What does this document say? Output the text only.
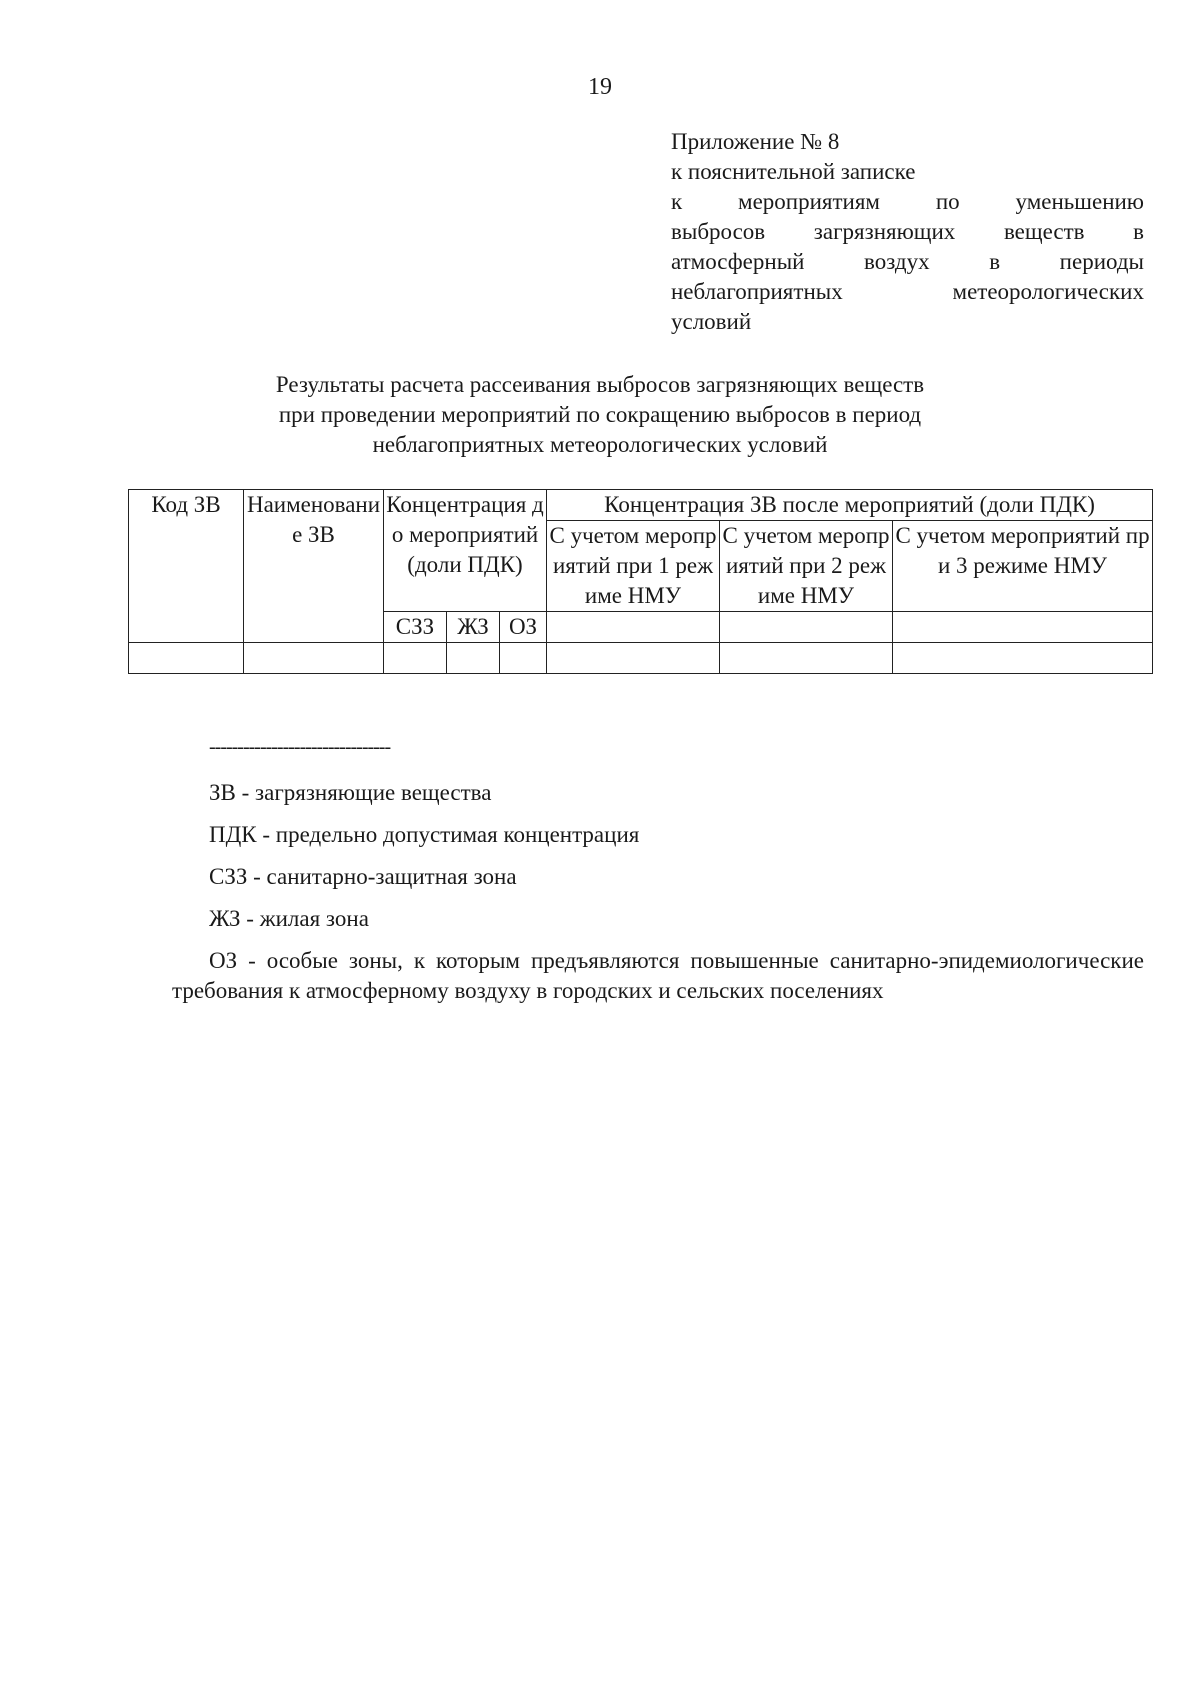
19
Приложение № 8
к пояснительной записке
к мероприятиям по уменьшению
выбросов загрязняющих веществ в
атмосферный воздух в периоды
неблагоприятных метеорологических
условий
Результаты расчета рассеивания выбросов загрязняющих веществ
при проведении мероприятий по сокращению выбросов в период
неблагоприятных метеорологических условий
Код ЗВ	Наименование ЗВ	Концентрация до мероприятий (доли ПДК)			Концентрация ЗВ после мероприятий (доли ПДК)		
					С учетом мероприятий при 1 режиме НМУ	С учетом мероприятий при 2 режиме НМУ	С учетом мероприятий при 3 режиме НМУ
		СЗЗ	ЖЗ	ОЗ			

--------------------------------
ЗВ - загрязняющие вещества
ПДК - предельно допустимая концентрация
СЗЗ - санитарно-защитная зона
ЖЗ - жилая зона
ОЗ - особые зоны, к которым предъявляются повышенные санитарно-эпидемиологические требования к атмосферному воздуху в городских и сельских поселениях
